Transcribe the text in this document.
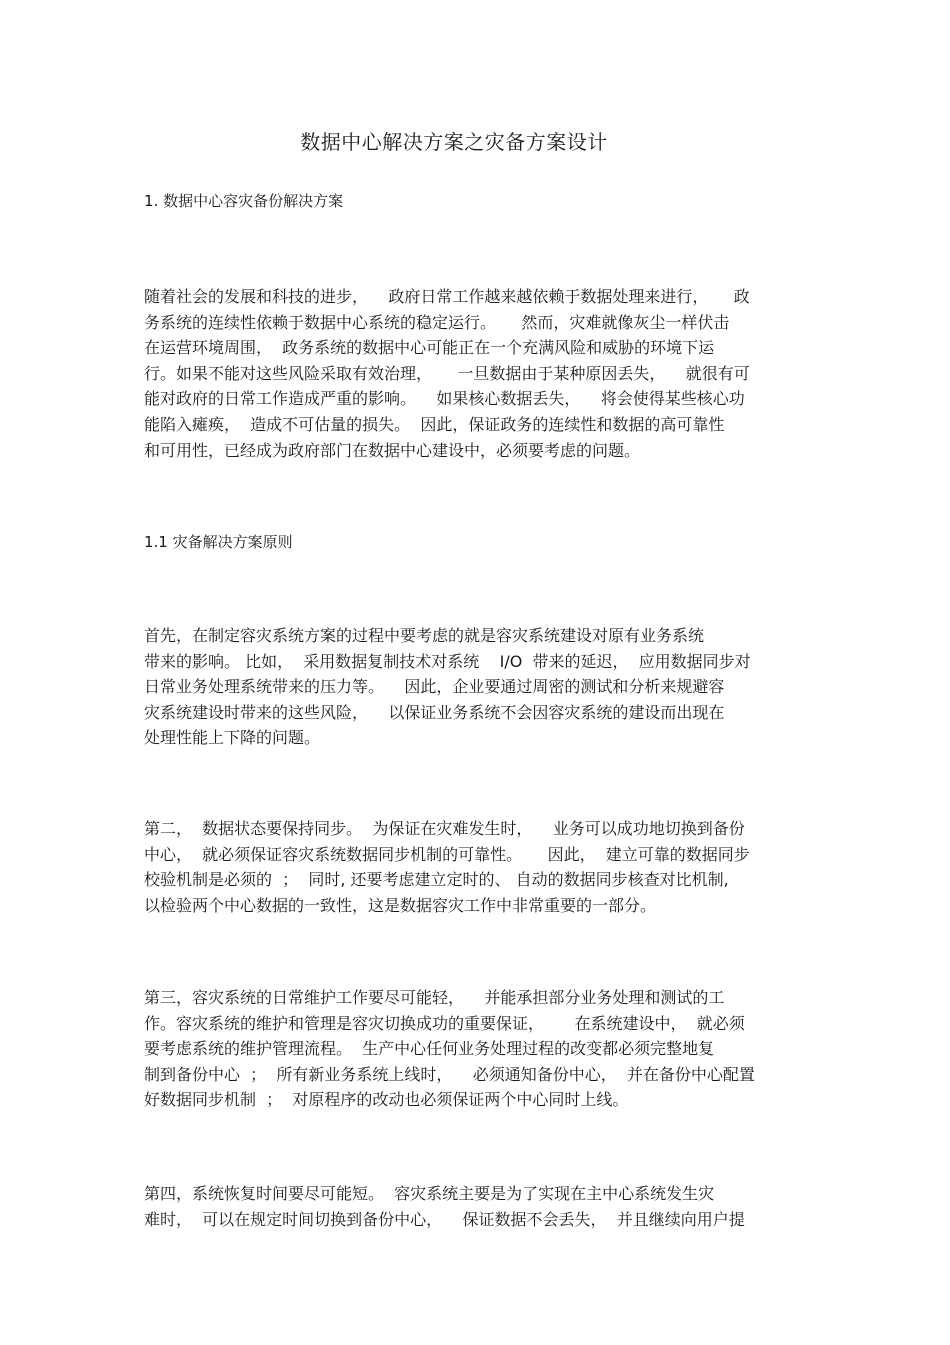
数据中心解决方案之灾备方案设计
1. 数据中心容灾备份解决方案
随着社会的发展和科技的进步，    政府日常工作越来越依赖于数据处理来进行，     政
务系统的连续性依赖于数据中心系统的稳定运行。     然而，灾难就像灰尘一样伏击
在运营环境周围，  政务系统的数据中心可能正在一个充满风险和威胁的环境下运
行。如果不能对这些风险采取有效治理，     一旦数据由于某种原因丢失，    就很有可
能对政府的日常工作造成严重的影响。    如果核心数据丢失，    将会使得某些核心功
能陷入瘫痪，  造成不可估量的损失。  因此，保证政务的连续性和数据的高可靠性
和可用性，已经成为政府部门在数据中心建设中，必须要考虑的问题。
1.1 灾备解决方案原则
首先，在制定容灾系统方案的过程中要考虑的就是容灾系统建设对原有业务系统
带来的影响。 比如，  采用数据复制技术对系统    I/O  带来的延迟，  应用数据同步对
日常业务处理系统带来的压力等。    因此，企业要通过周密的测试和分析来规避容
灾系统建设时带来的这些风险，    以保证业务系统不会因容灾系统的建设而出现在
处理性能上下降的问题。
第二，  数据状态要保持同步。  为保证在灾难发生时，    业务可以成功地切换到备份
中心，  就必须保证容灾系统数据同步机制的可靠性。     因此，  建立可靠的数据同步
校验机制是必须的  ；  同时, 还要考虑建立定时的、 自动的数据同步核查对比机制,
以检验两个中心数据的一致性，这是数据容灾工作中非常重要的一部分。
第三，容灾系统的日常维护工作要尽可能轻，    并能承担部分业务处理和测试的工
作。容灾系统的维护和管理是容灾切换成功的重要保证，      在系统建设中，  就必须
要考虑系统的维护管理流程。  生产中心任何业务处理过程的改变都必须完整地复
制到备份中心  ；  所有新业务系统上线时，    必须通知备份中心，  并在备份中心配置
好数据同步机制  ；  对原程序的改动也必须保证两个中心同时上线。
第四，系统恢复时间要尽可能短。  容灾系统主要是为了实现在主中心系统发生灾
难时，  可以在规定时间切换到备份中心，    保证数据不会丢失，  并且继续向用户提
